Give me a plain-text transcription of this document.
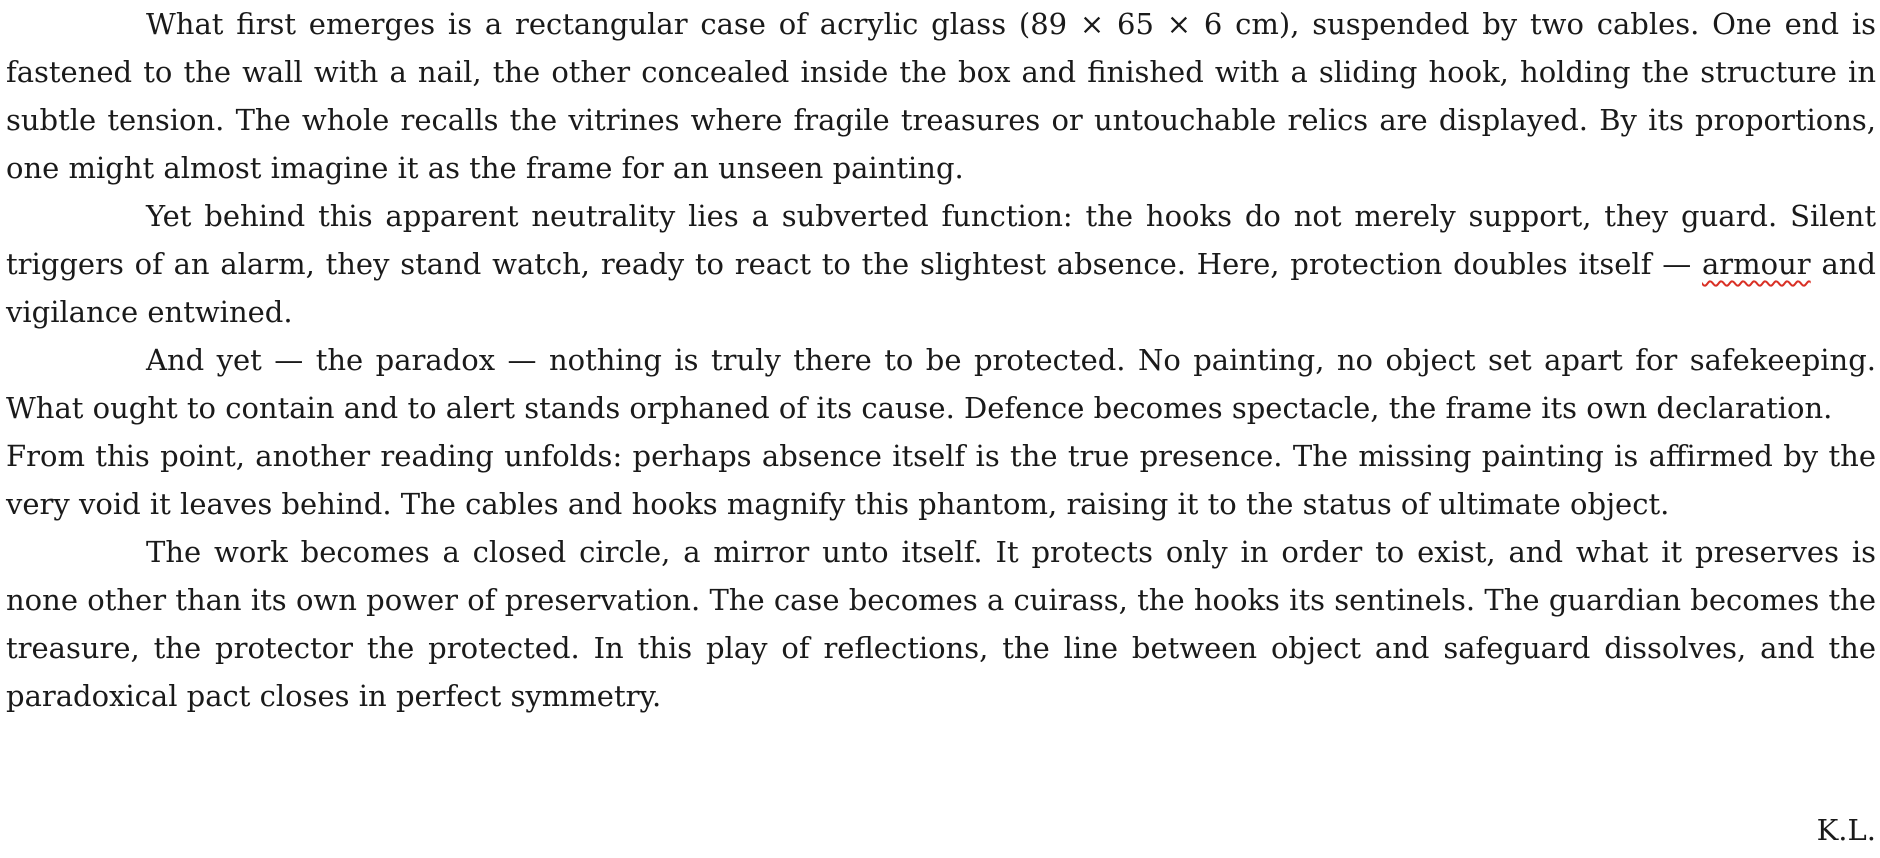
What first emerges is a rectangular case of acrylic glass (89 × 65 × 6 cm), suspended by two cables. One end is fastened to the wall with a nail, the other concealed inside the box and finished with a sliding hook, holding the structure in subtle tension. The whole recalls the vitrines where fragile treasures or untouchable relics are displayed. By its proportions, one might almost imagine it as the frame for an unseen painting.

Yet behind this apparent neutrality lies a subverted function: the hooks do not merely support, they guard. Silent triggers of an alarm, they stand watch, ready to react to the slightest absence. Here, protection doubles itself — armour and vigilance entwined.

And yet — the paradox — nothing is truly there to be protected. No painting, no object set apart for safekeeping. What ought to contain and to alert stands orphaned of its cause. Defence becomes spectacle, the frame its own declaration.

From this point, another reading unfolds: perhaps absence itself is the true presence. The missing painting is affirmed by the very void it leaves behind. The cables and hooks magnify this phantom, raising it to the status of ultimate object.

The work becomes a closed circle, a mirror unto itself. It protects only in order to exist, and what it preserves is none other than its own power of preservation. The case becomes a cuirass, the hooks its sentinels. The guardian becomes the treasure, the protector the protected. In this play of reflections, the line between object and safeguard dissolves, and the paradoxical pact closes in perfect symmetry.

K.L.
